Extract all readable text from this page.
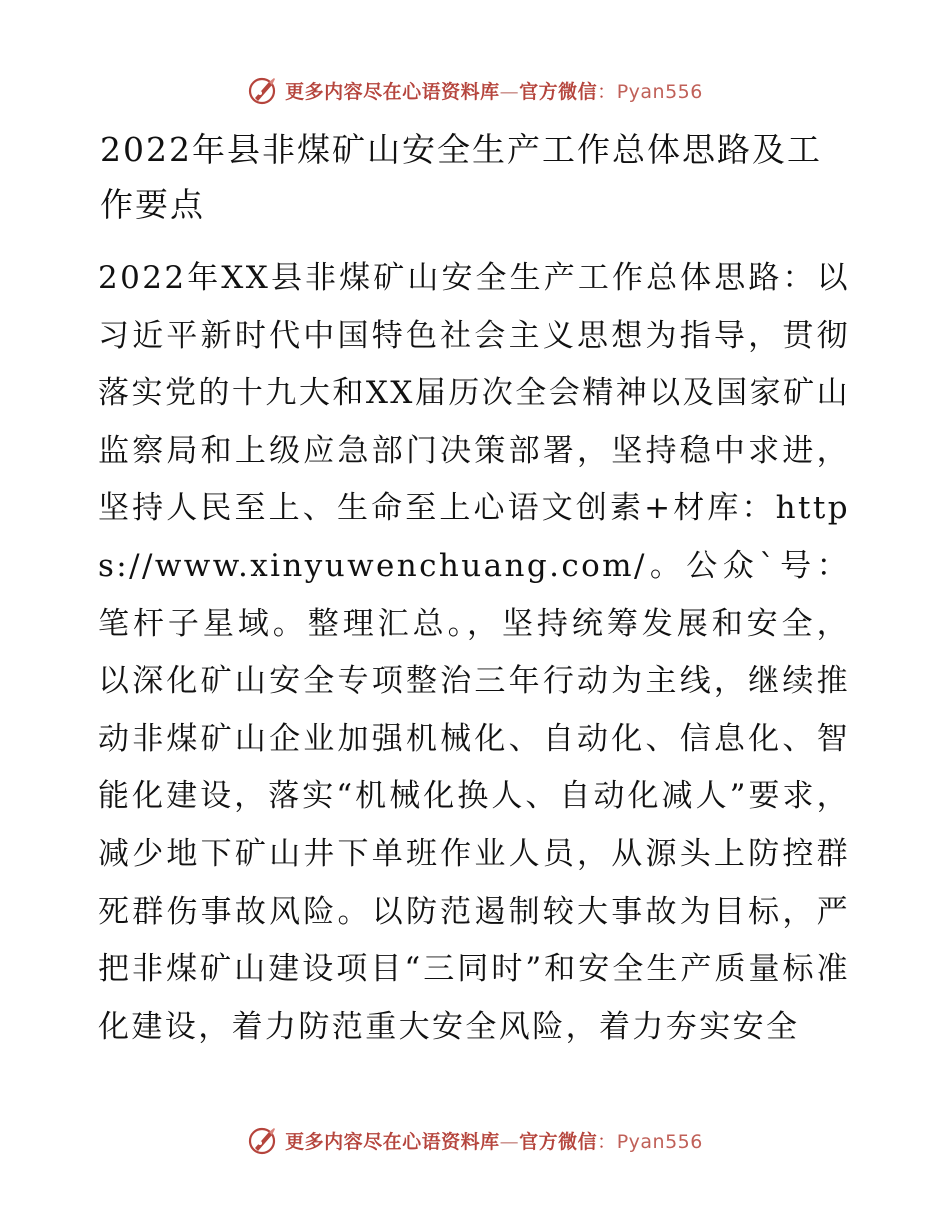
更多内容尽在心语资料库—官方微信：Pyan556
2022年县非煤矿山安全生产工作总体思路及工作要点

2022年XX县非煤矿山安全生产工作总体思路：以习近平新时代中国特色社会主义思想为指导，贯彻落实党的十九大和XX届历次全会精神以及国家矿山监察局和上级应急部门决策部署，坚持稳中求进，坚持人民至上、生命至上心语文创素+材库：https://www.xinyuwenchuang.com/。公众`号：笔杆子星域。整理汇总。，坚持统筹发展和安全，以深化矿山安全专项整治三年行动为主线，继续推动非煤矿山企业加强机械化、自动化、信息化、智能化建设，落实“机械化换人、自动化减人”要求，减少地下矿山井下单班作业人员，从源头上防控群死群伤事故风险。以防范遏制较大事故为目标，严把非煤矿山建设项目“三同时”和安全生产质量标准化建设，着力防范重大安全风险，着力夯实安全

更多内容尽在心语资料库—官方微信：Pyan556
